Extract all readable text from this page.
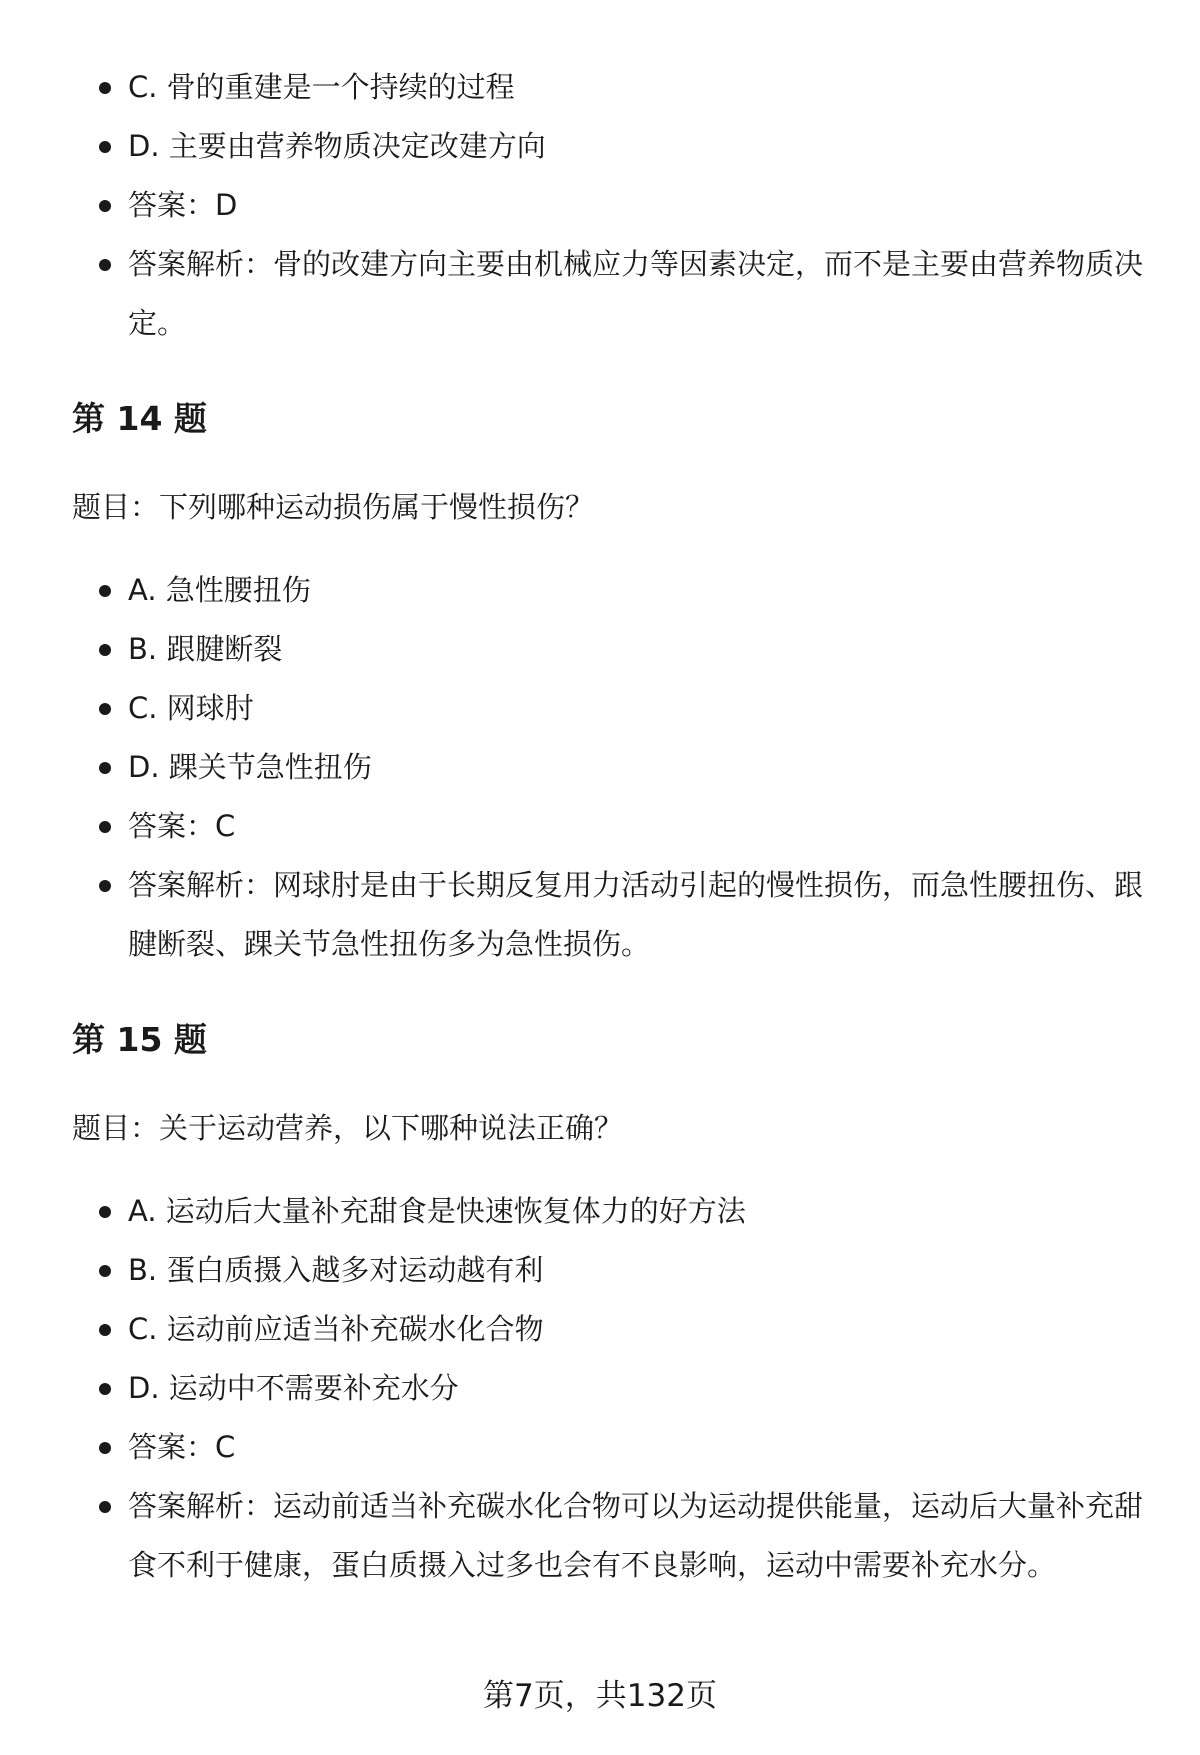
C. 骨的重建是一个持续的过程
D. 主要由营养物质决定改建方向
答案：D
答案解析：骨的改建方向主要由机械应力等因素决定，而不是主要由营养物质决定。
第 14 题

题目：下列哪种运动损伤属于慢性损伤？

A. 急性腰扭伤
B. 跟腱断裂
C. 网球肘
D. 踝关节急性扭伤
答案：C
答案解析：网球肘是由于长期反复用力活动引起的慢性损伤，而急性腰扭伤、跟腱断裂、踝关节急性扭伤多为急性损伤。
第 15 题

题目：关于运动营养，以下哪种说法正确？

A. 运动后大量补充甜食是快速恢复体力的好方法
B. 蛋白质摄入越多对运动越有利
C. 运动前应适当补充碳水化合物
D. 运动中不需要补充水分
答案：C
答案解析：运动前适当补充碳水化合物可以为运动提供能量，运动后大量补充甜食不利于健康，蛋白质摄入过多也会有不良影响，运动中需要补充水分。
第7页，共132页
